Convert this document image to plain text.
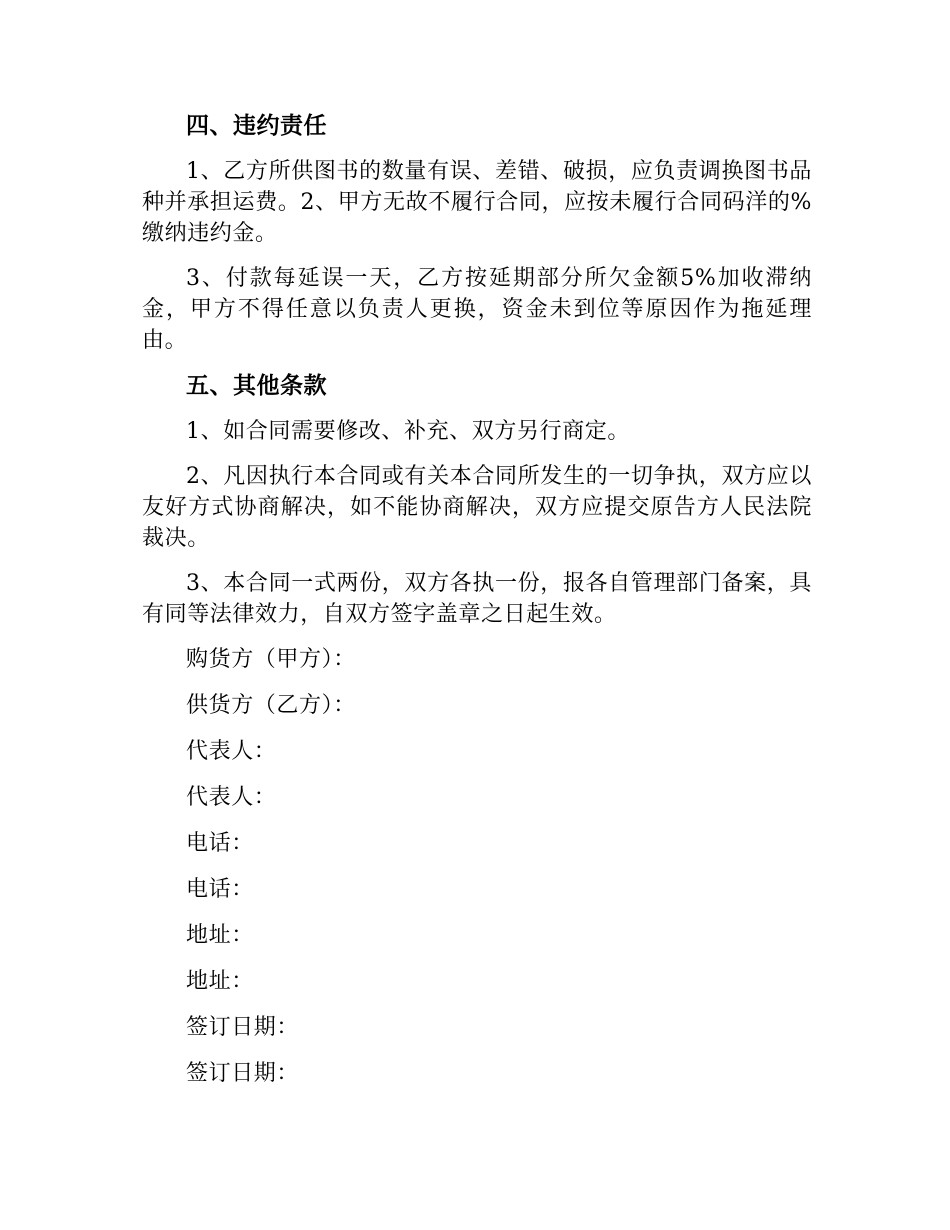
四、违约责任
1、乙方所供图书的数量有误、差错、破损，应负责调换图书品种并承担运费。2、甲方无故不履行合同，应按未履行合同码洋的%缴纳违约金。
3、付款每延误一天，乙方按延期部分所欠金额5%加收滞纳金，甲方不得任意以负责人更换，资金未到位等原因作为拖延理由。
五、其他条款
1、如合同需要修改、补充、双方另行商定。
2、凡因执行本合同或有关本合同所发生的一切争执，双方应以友好方式协商解决，如不能协商解决，双方应提交原告方人民法院裁决。
3、本合同一式两份，双方各执一份，报各自管理部门备案，具有同等法律效力，自双方签字盖章之日起生效。
购货方（甲方）：
供货方（乙方）：
代表人：
代表人：
电话：
电话：
地址：
地址：
签订日期：
签订日期：
